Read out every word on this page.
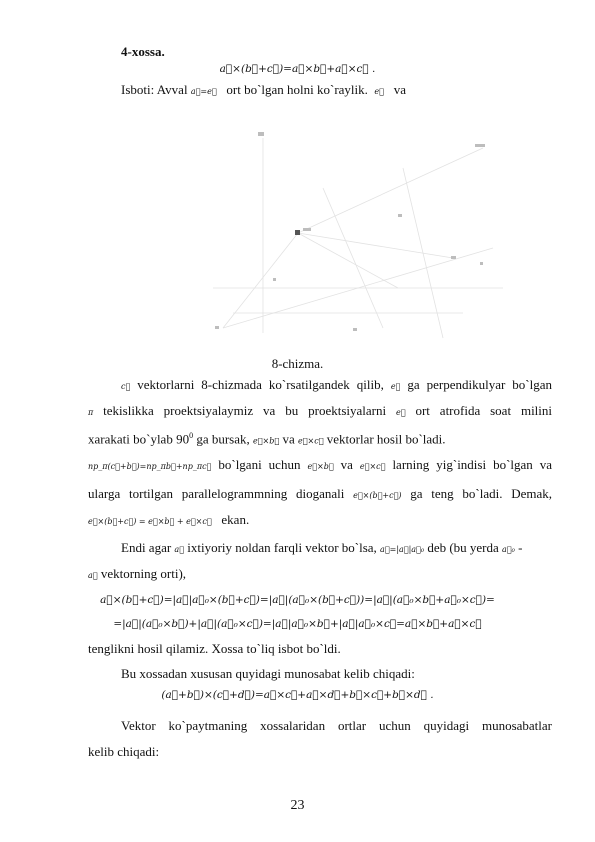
4-xossa.
a⃗×(b⃗+c⃗)=a⃗×b⃗+a⃗×c⃗ .
Isboti: Avval a⃗=e⃗ ort bo`lgan holni ko`raylik. e⃗ va
8-chizma.
c⃗ vektorlarni 8-chizmada ko`rsatilgandek qilib, e⃗ ga perpendikulyar bo`lgan
π tekislikka proektsiyalaymiz va bu proektsiyalarni e⃗ ort atrofida soat milini
xarakati bo`ylab $90^0$ ga bursak, e⃗×b⃗ va e⃗×c⃗ vektorlar hosil bo`ladi.
np_π(c⃗+b⃗)=np_πb⃗+np_πc⃗ bo`lgani uchun e⃗×b⃗ va e⃗×c⃗ larning yig`indisi bo`lgan va
ularga tortilgan parallelogrammning dioganali e⃗×(b⃗+c⃗) ga teng bo`ladi. Demak,
e⃗×(b⃗+c⃗) = e⃗×b⃗ + e⃗×c⃗ ekan.
Endi agar a⃗ ixtiyoriy noldan farqli vektor bo`lsa, a⃗=|a⃗|a⃗₀ deb (bu yerda a⃗₀ -
a⃗ vektorning orti),
a⃗×(b⃗+c⃗)=|a⃗|a⃗₀×(b⃗+c⃗)=|a⃗|(a⃗₀×(b⃗+c⃗))=|a⃗|(a⃗₀×b⃗+a⃗₀×c⃗)=
=|a⃗|(a⃗₀×b⃗)+|a⃗|(a⃗₀×c⃗)=|a⃗|a⃗₀×b⃗+|a⃗|a⃗₀×c⃗=a⃗×b⃗+a⃗×c⃗
tenglikni hosil qilamiz. Xossa to`liq isbot bo`ldi.
Bu xossadan xususan quyidagi munosabat kelib chiqadi:
(a⃗+b⃗)×(c⃗+d⃗)=a⃗×c⃗+a⃗×d⃗+b⃗×c⃗+b⃗×d⃗ .
Vektor ko`paytmaning xossalaridan ortlar uchun quyidagi munosabatlar
kelib chiqadi:
23
